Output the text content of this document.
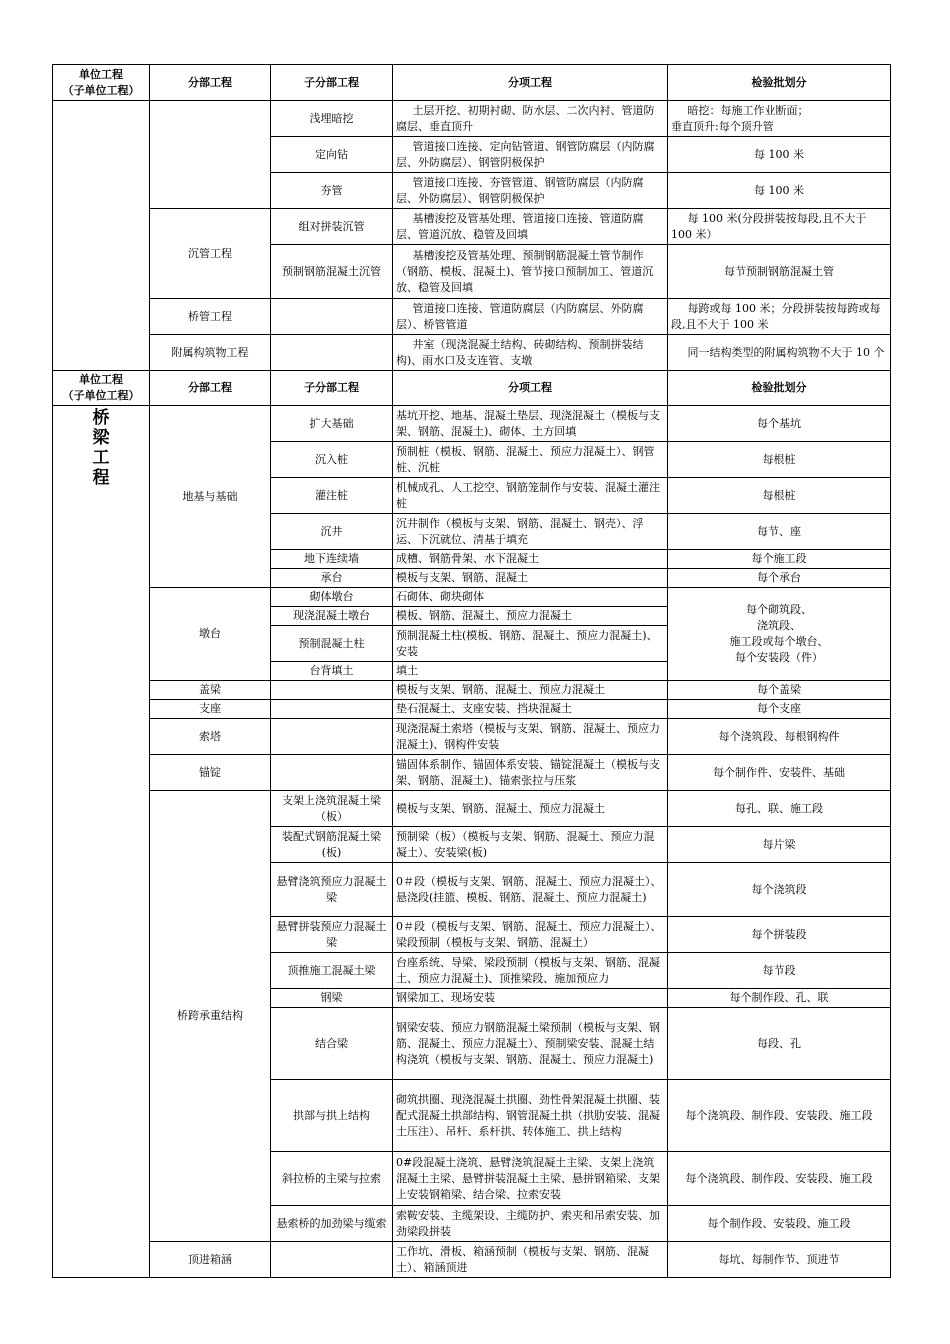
单位工程
（子单位工程）	分部工程	子分部工程	分项工程	检验批划分
		浅埋暗挖	土层开挖、初期衬砌、防水层、二次内衬、管道防腐层、垂直顶升	暗挖：每施工作业断面；
垂直顶升:每个顶升管
		定向钻	管道接口连接、定向钻管道、钢管防腐层（内防腐层、外防腐层）、钢管阴极保护	每 100 米
		夯管	管道接口连接、夯管管道、钢管防腐层（内防腐层、外防腐层）、钢管阴极保护	每 100 米
	沉管工程	组对拼装沉管	基槽浚挖及管基处理、管道接口连接、管道防腐层、管道沉放、稳管及回填	每 100 米(分段拼装按每段,且不大于 100 米）
		预制钢筋混凝土沉管	基槽浚挖及管基处理、预制钢筋混凝土管节制作（钢筋、模板、混凝土)、管节接口预制加工、管道沉放、稳管及回填	每节预制钢筋混凝土管
	桥管工程		管道接口连接、管道防腐层（内防腐层、外防腐层）、桥管管道	每跨或每 100 米；分段拼装按每跨或每段,且不大于 100 米
	附属构筑物工程		井室（现浇混凝土结构、砖砌结构、预制拼装结构)、雨水口及支连管、支墩	同一结构类型的附属构筑物不大于 10 个
单位工程
（子单位工程）	分部工程	子分部工程	分项工程	检验批划分
桥梁工程	地基与基础	扩大基础	基坑开挖、地基、混凝土垫层、现浇混凝土（模板与支架、钢筋、混凝土)、砌体、土方回填	每个基坑
		沉入桩	预制桩（模板、钢筋、混凝土、预应力混凝土）、钢管桩、沉桩	每根桩
		灌注桩	机械成孔、人工挖空、钢筋笼制作与安装、混凝土灌注桩	每根桩
		沉井	沉井制作（模板与支架、钢筋、混凝土、钢壳）、浮运、下沉就位、清基于填充	每节、座
		地下连续墙	成槽、钢筋骨架、水下混凝土	每个施工段
		承台	模板与支架、钢筋、混凝土	每个承台
	墩台	砌体墩台	石砌体、砌块砌体	每个砌筑段、
浇筑段、
施工段或每个墩台、
每个安装段（件）
		现浇混凝土墩台	模板、钢筋、混凝土、预应力混凝土	
		预制混凝土柱	预制混凝土柱(模板、钢筋、混凝土、预应力混凝土)、安装	
		台背填土	填土	
	盖梁		模板与支架、钢筋、混凝土、预应力混凝土	每个盖梁
	支座		垫石混凝土、支座安装、挡块混凝土	每个支座
	索塔		现浇混凝土索塔（模板与支架、钢筋、混凝土、预应力混凝土)、钢构件安装	每个浇筑段、每根钢构件
	锚锭		锚固体系制作、锚固体系安装、锚锭混凝土（模板与支架、钢筋、混凝土)、锚索张拉与压浆	每个制作件、安装件、基础
	桥跨承重结构	支架上浇筑混凝土梁（板）	模板与支架、钢筋、混凝土、预应力混凝土	每孔、联、施工段
		装配式钢筋混凝土梁(板)	预制梁（板）（模板与支架、钢筋、混凝土、预应力混凝土）、安装梁(板)	每片梁
		悬臂浇筑预应力混凝土梁	0＃段（模板与支架、钢筋、混凝土、预应力混凝土）、悬浇段(挂篮、模板、钢筋、混凝土、预应力混凝土)	每个浇筑段
		悬臂拼装预应力混凝土梁	0＃段（模板与支架、钢筋、混凝土、预应力混凝土）、梁段预制（模板与支架、钢筋、混凝土）	每个拼装段
		顶推施工混凝土梁	台座系统、导梁、梁段预制（模板与支架、钢筋、混凝土、预应力混凝土)、顶推梁段、施加预应力	每节段
		钢梁	钢梁加工、现场安装	每个制作段、孔、联
		结合梁	钢梁安装、预应力钢筋混凝土梁预制（模板与支架、钢筋、混凝土、预应力混凝土）、预制梁安装、混凝土结构浇筑（模板与支架、钢筋、混凝土、预应力混凝土)	每段、孔
		拱部与拱上结构	砌筑拱圈、现浇混凝土拱圈、劲性骨架混凝土拱圈、装配式混凝土拱部结构、钢管混凝土拱（拱肋安装、混凝土压注）、吊杆、系杆拱、转体施工、拱上结构	每个浇筑段、制作段、安装段、施工段
		斜拉桥的主梁与拉索	0#段混凝土浇筑、悬臂浇筑混凝土主梁、支架上浇筑混凝土主梁、悬臂拼装混凝土主梁、悬拼钢箱梁、支架上安装钢箱梁、结合梁、拉索安装	每个浇筑段、制作段、安装段、施工段
		悬索桥的加劲梁与缆索	索鞍安装、主缆架设、主缆防护、索夹和吊索安装、加劲梁段拼装	每个制作段、安装段、施工段
	顶进箱涵		工作坑、滑板、箱涵预制（模板与支架、钢筋、混凝土）、箱涵顶进	每坑、每制作节、顶进节
